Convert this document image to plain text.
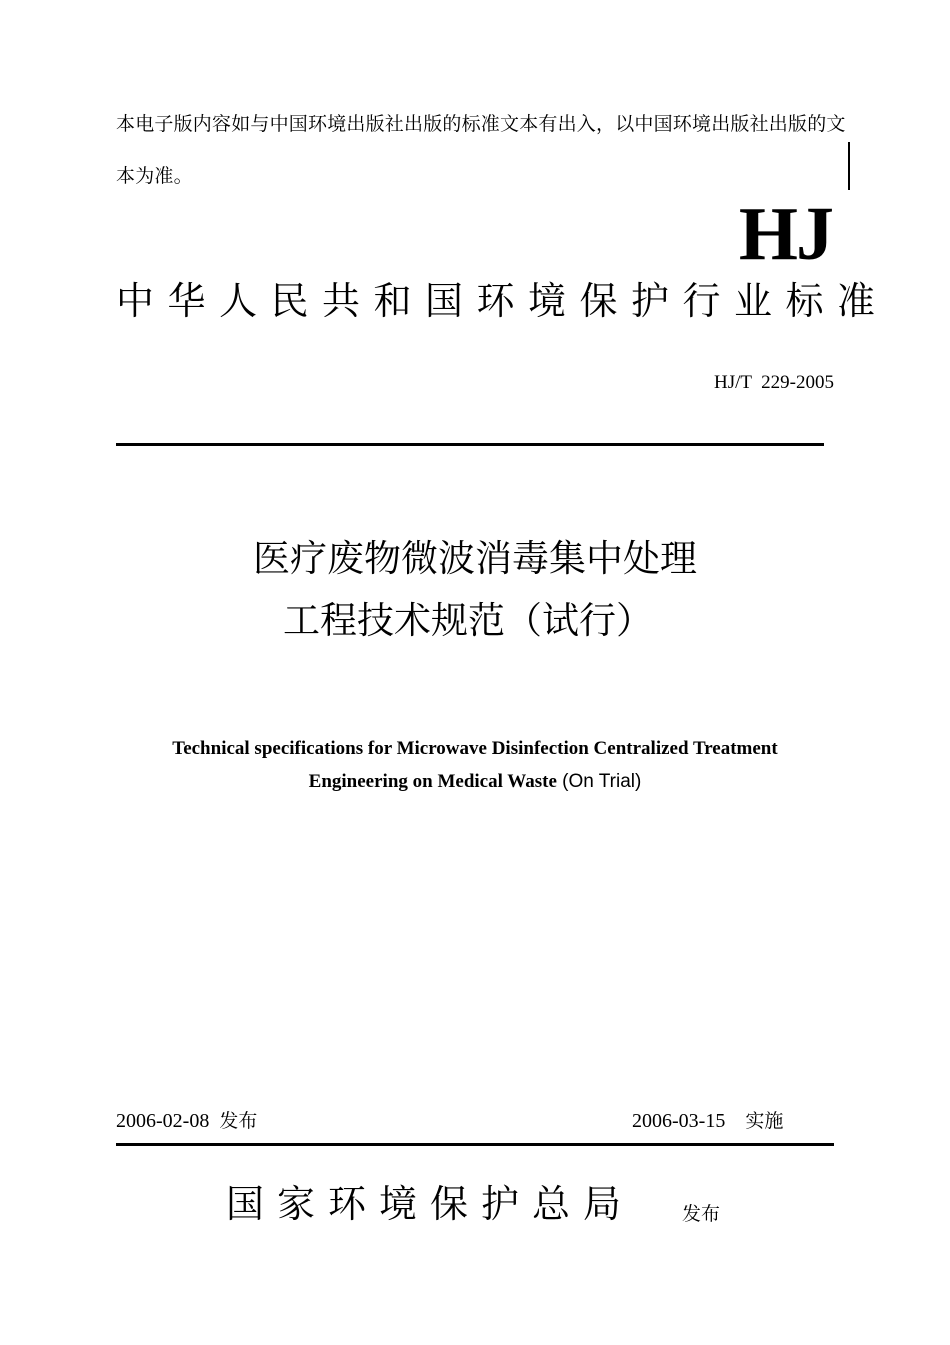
本电子版内容如与中国环境出版社出版的标准文本有出入，以中国环境出版社出版的文本为准。
HJ
中华人民共和国环境保护行业标准
HJ/T  229-2005
医疗废物微波消毒集中处理
工程技术规范（试行）
Technical specifications for Microwave Disinfection Centralized Treatment
Engineering on Medical Waste (On Trial)
2006-02-08 发布	2006-03-15 实施
国家环境保护总局	发布
